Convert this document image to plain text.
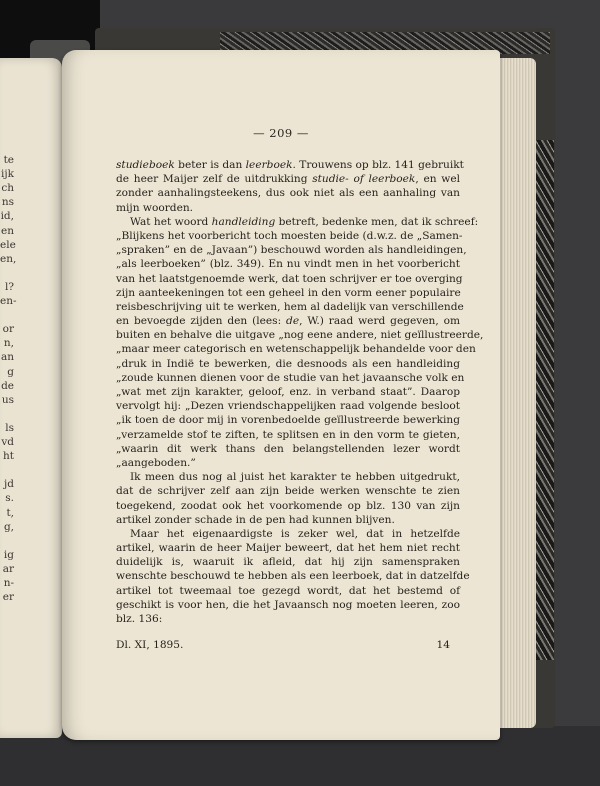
te
ijk
ch
ns
id,
en
ele
en,
l?
en-
or
n,
an
g
de
us
ls
vd
ht
jd
s.
t,
g,
ig
ar
n-
er
— 209 —
studieboek beter is dan leerboek. Trouwens op blz. 141 gebruikt
de heer Maijer zelf de uitdrukking studie- of leerboek, en wel
zonder aanhalingsteekens, dus ook niet als een aanhaling van
mijn woorden.
Wat het woord handleiding betreft, bedenke men, dat ik schreef:
„Blijkens het voorbericht toch moesten beide (d.w.z. de „Samen-
„spraken” en de „Javaan”) beschouwd worden als handleidingen,
„als leerboeken” (blz. 349). En nu vindt men in het voorbericht
van het laatstgenoemde werk, dat toen schrijver er toe overging
zijn aanteekeningen tot een geheel in den vorm eener populaire
reisbeschrijving uit te werken, hem al dadelijk van verschillende
en bevoegde zijden den (lees: de, W.) raad werd gegeven, om
buiten en behalve die uitgave „nog eene andere, niet geïllustreerde,
„maar meer categorisch en wetenschappelijk behandelde voor den
„druk in Indië te bewerken, die desnoods als een handleiding
„zoude kunnen dienen voor de studie van het javaansche volk en
„wat met zijn karakter, geloof, enz. in verband staat”. Daarop
vervolgt hij: „Dezen vriendschappelijken raad volgende besloot
„ik toen de door mij in vorenbedoelde geïllustreerde bewerking
„verzamelde stof te ziften, te splitsen en in den vorm te gieten,
„waarin dit werk thans den belangstellenden lezer wordt
„aangeboden.”
Ik meen dus nog al juist het karakter te hebben uitgedrukt,
dat de schrijver zelf aan zijn beide werken wenschte te zien
toegekend, zoodat ook het voorkomende op blz. 130 van zijn
artikel zonder schade in de pen had kunnen blijven.
Maar het eigenaardigste is zeker wel, dat in hetzelfde
artikel, waarin de heer Maijer beweert, dat het hem niet recht
duidelijk is, waaruit ik afleid, dat hij zijn samenspraken
wenschte beschouwd te hebben als een leerboek, dat in datzelfde
artikel tot tweemaal toe gezegd wordt, dat het bestemd of
geschikt is voor hen, die het Javaansch nog moeten leeren, zoo
blz. 136:
Dl. XI, 1895.	14
